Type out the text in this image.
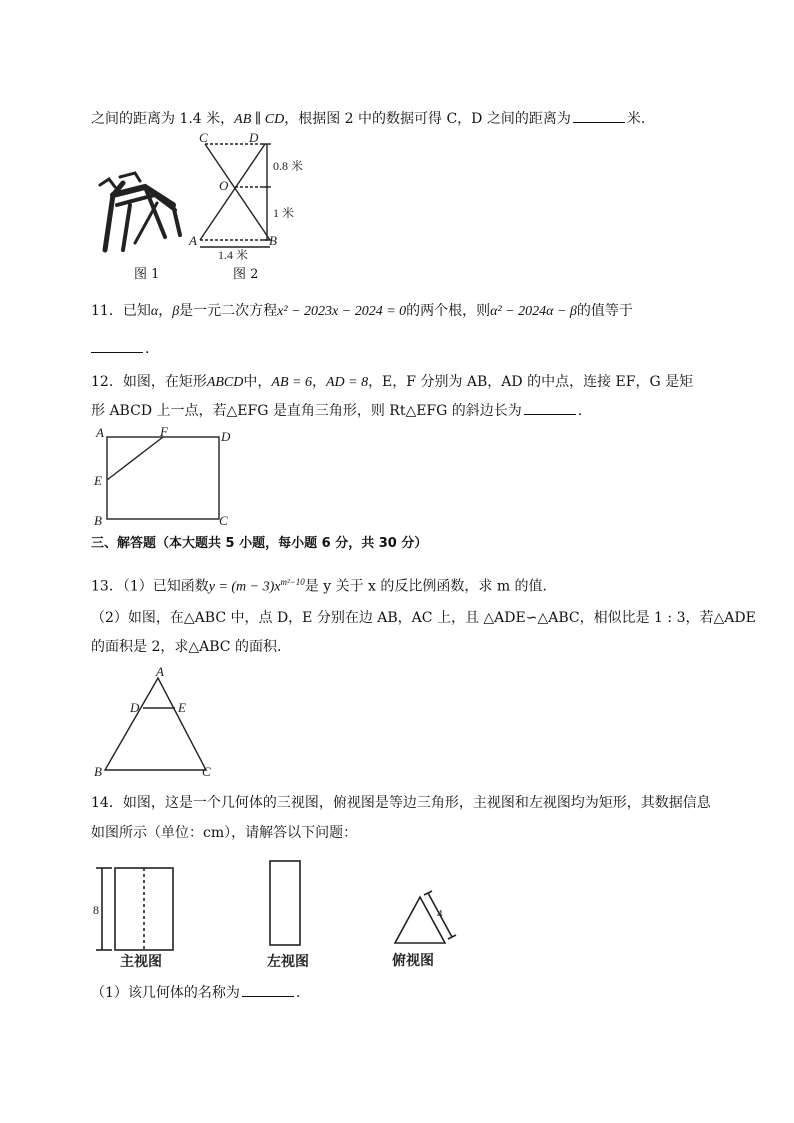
之间的距离为 1.4 米，AB ∥ CD，根据图 2 中的数据可得 C，D 之间的距离为	米.
图 1
C	D
O
A	B
0.8 米
1 米
1.4 米
图 2
11．已知α，β是一元二次方程x² − 2023x − 2024 = 0的两个根，则α² − 2024α − β的值等于
.
12．如图，在矩形ABCD中，AB = 6，AD = 8，E，F 分别为 AB，AD 的中点，连接 EF，G 是矩
形 ABCD 上一点，若△EFG 是直角三角形，则 Rt△EFG 的斜边长为	.
A	F	D
E
B	C
三、解答题（本大题共 5 小题，每小题 6 分，共 30 分）
13．（1）已知函数$y = (m - 3)x^{m^2-10}$是 y 关于 x 的反比例函数，求 m 的值.
（2）如图，在△ABC 中，点 D，E 分别在边 AB，AC 上，且 △ADE∽△ABC，相似比是 1 : 3，若△ADE
的面积是 2，求△ABC 的面积.
A
D	E
B	C
14．如图，这是一个几何体的三视图，俯视图是等边三角形，主视图和左视图均为矩形，其数据信息
如图所示（单位：cm），请解答以下问题：
8
主视图	左视图
4
俯视图
（1）该几何体的名称为	.
